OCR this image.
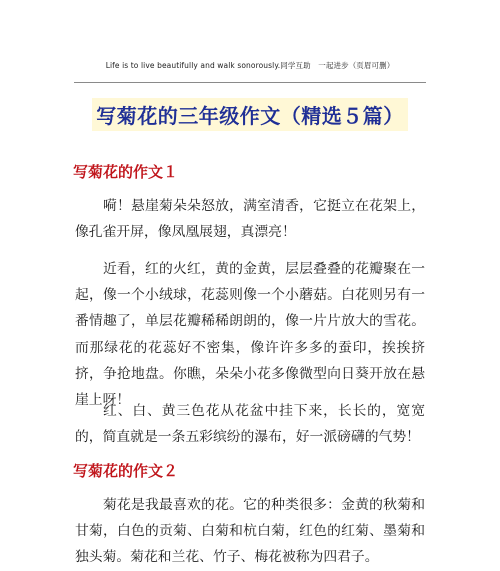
Life is to live beautifully and walk sonorously.同学互助　一起进步（页眉可删）
写菊花的三年级作文（精选５篇）
写菊花的作文１
嗬！悬崖菊朵朵怒放，满室清香，它挺立在花架上，像孔雀开屏，像凤凰展翅，真漂亮！
近看，红的火红，黄的金黄，层层叠叠的花瓣聚在一起，像一个小绒球，花蕊则像一个小蘑菇。白花则另有一番情趣了，单层花瓣稀稀朗朗的，像一片片放大的雪花。而那绿花的花蕊好不密集，像许许多多的蚕印，挨挨挤挤，争抢地盘。你瞧，朵朵小花多像微型向日葵开放在悬崖上呀！
红、白、黄三色花从花盆中挂下来，长长的，宽宽的，简直就是一条五彩缤纷的瀑布，好一派磅礴的气势！
写菊花的作文２
菊花是我最喜欢的花。它的种类很多：金黄的秋菊和甘菊，白色的贡菊、白菊和杭白菊，红色的红菊、墨菊和独头菊。菊花和兰花、竹子、梅花被称为四君子。
